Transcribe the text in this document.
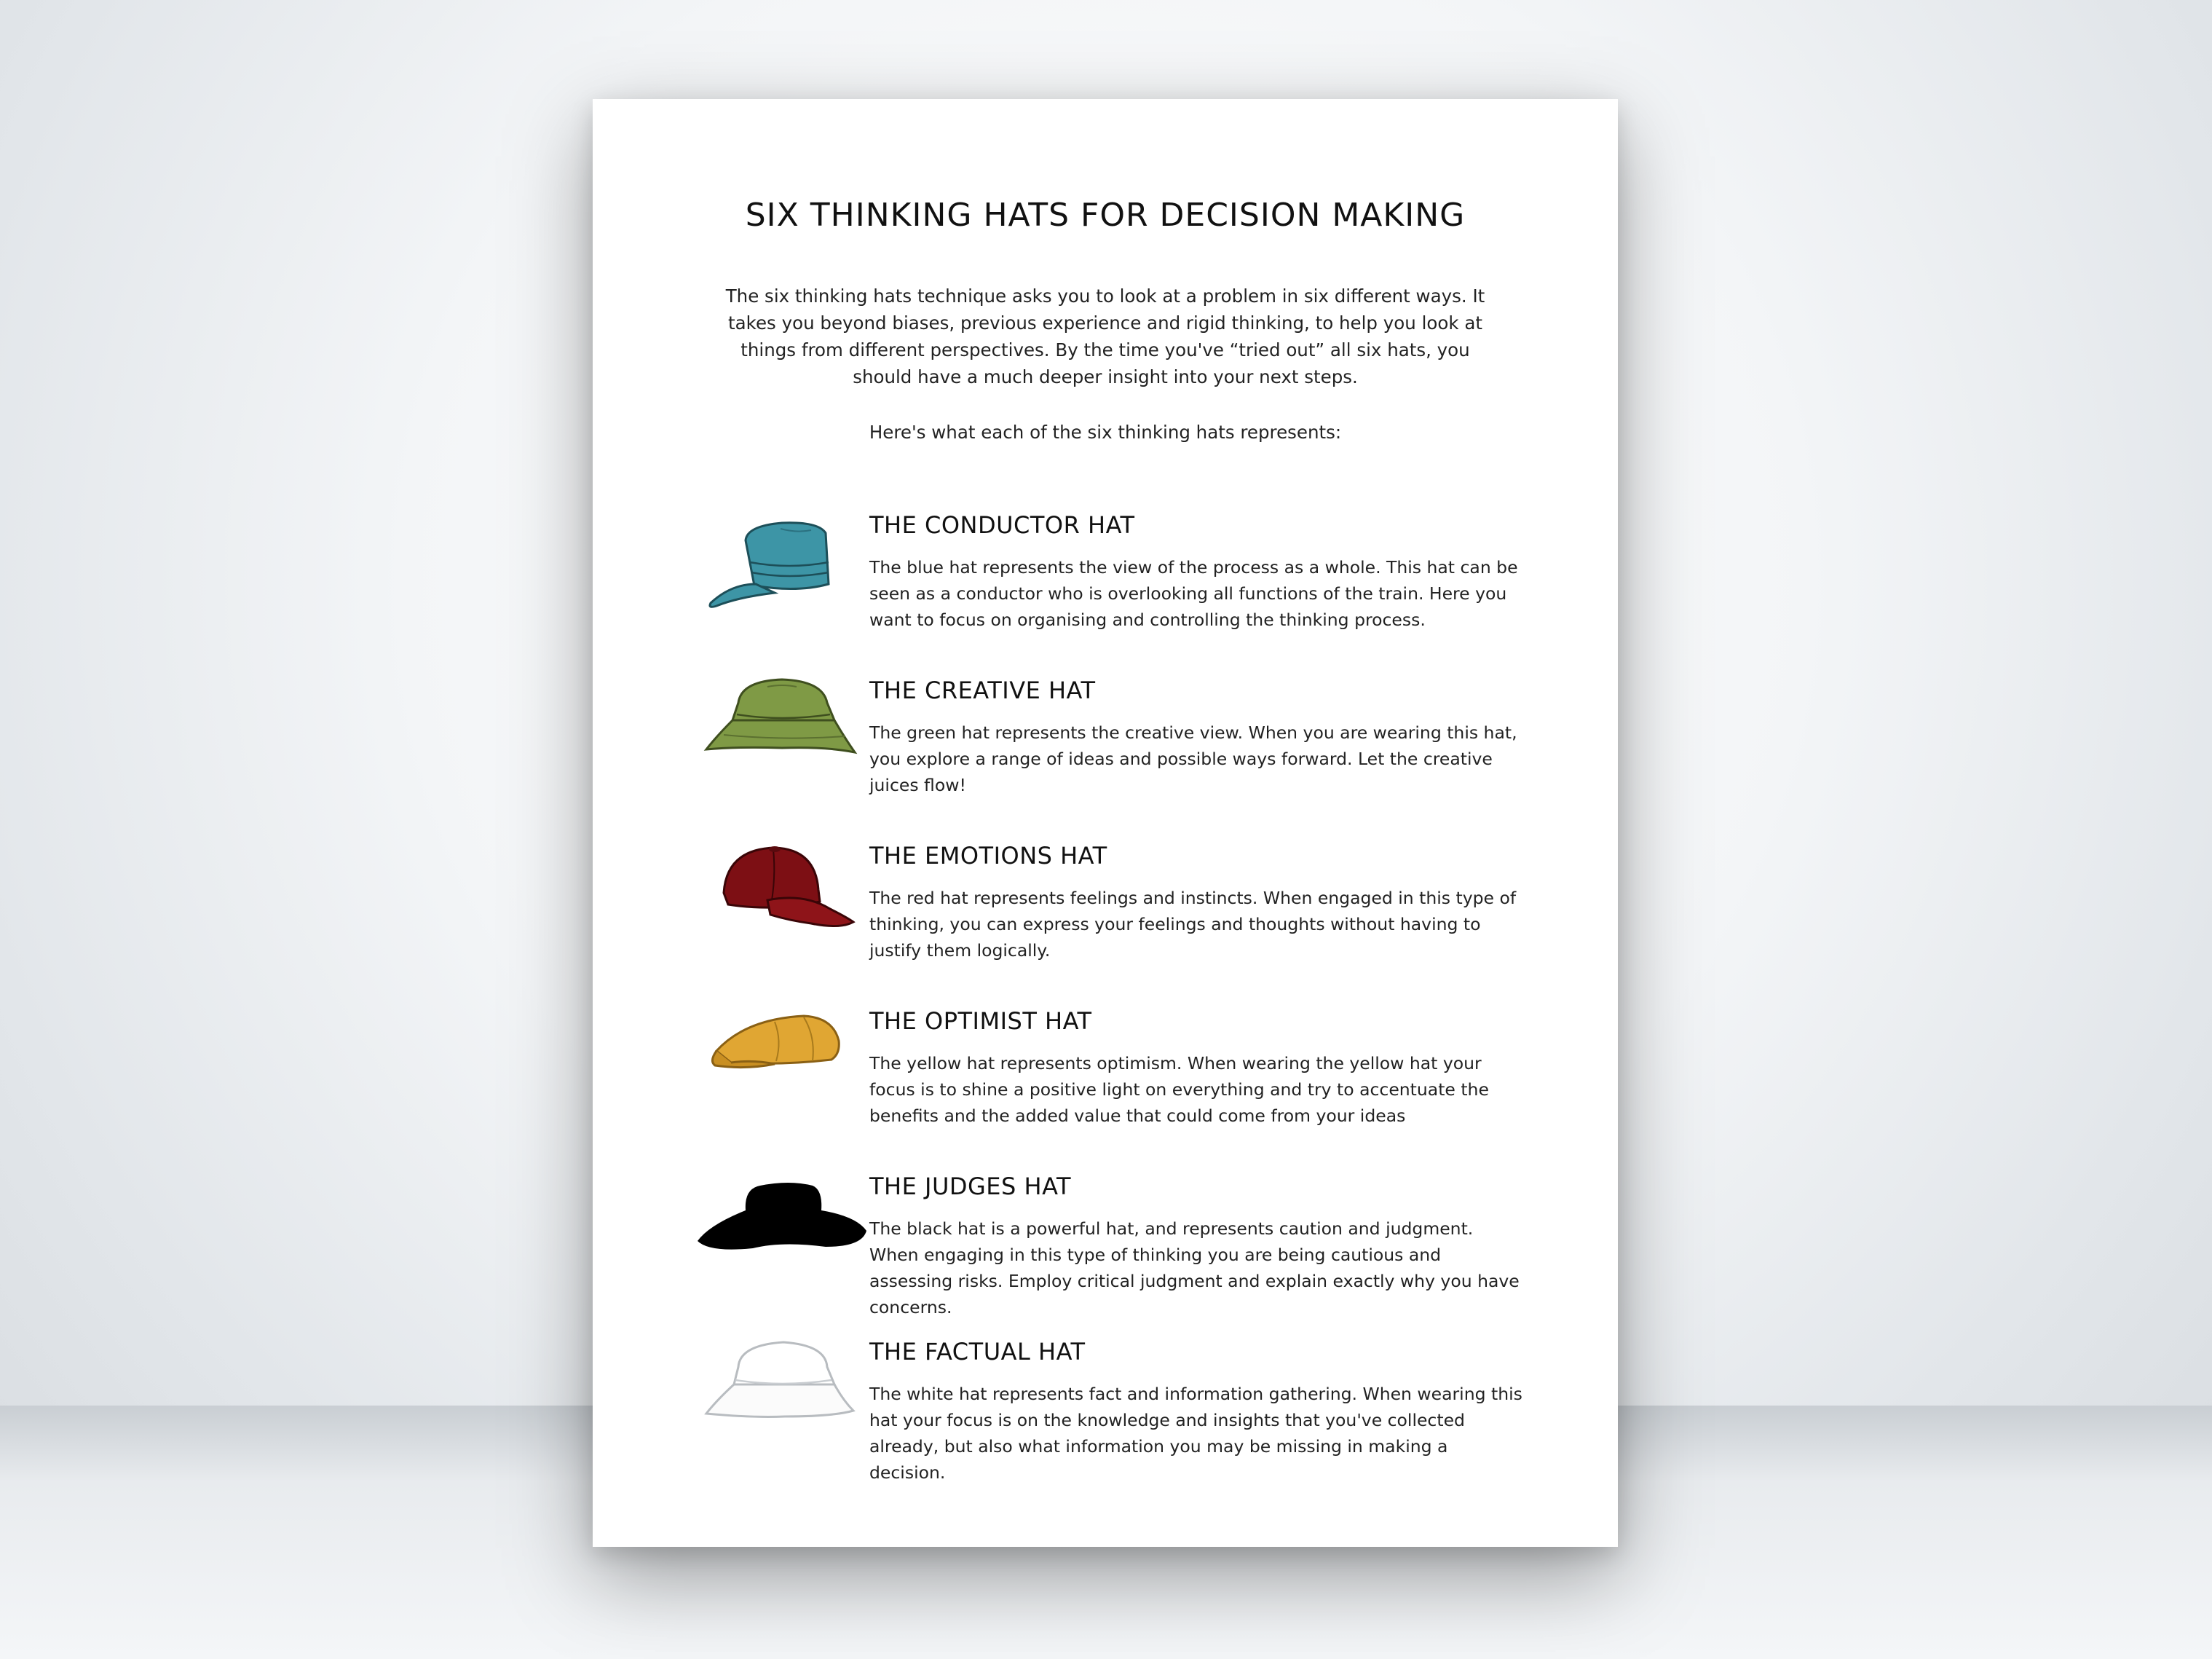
SIX THINKING HATS FOR DECISION MAKING

The six thinking hats technique asks you to look at a problem in six different ways. It takes you beyond biases, previous experience and rigid thinking, to help you look at things from different perspectives. By the time you've “tried out” all six hats, you should have a much deeper insight into your next steps.

Here's what each of the six thinking hats represents:

THE CONDUCTOR HAT

The blue hat represents the view of the process as a whole. This hat can be seen as a conductor who is overlooking all functions of the train. Here you want to focus on organising and controlling the thinking process.

THE CREATIVE HAT

The green hat represents the creative view. When you are wearing this hat, you explore a range of ideas and possible ways forward. Let the creative juices flow!

THE EMOTIONS HAT

The red hat represents feelings and instincts. When engaged in this type of thinking, you can express your feelings and thoughts without having to justify them logically.

THE OPTIMIST HAT

The yellow hat represents optimism. When wearing the yellow hat your focus is to shine a positive light on everything and try to accentuate the benefits and the added value that could come from your ideas

THE JUDGES HAT

The black hat is a powerful hat, and represents caution and judgment. When engaging in this type of thinking you are being cautious and assessing risks. Employ critical judgment and explain exactly why you have concerns.

THE FACTUAL HAT

The white hat represents fact and information gathering. When wearing this hat your focus is on the knowledge and insights that you've collected already, but also what information you may be missing in making a decision.
